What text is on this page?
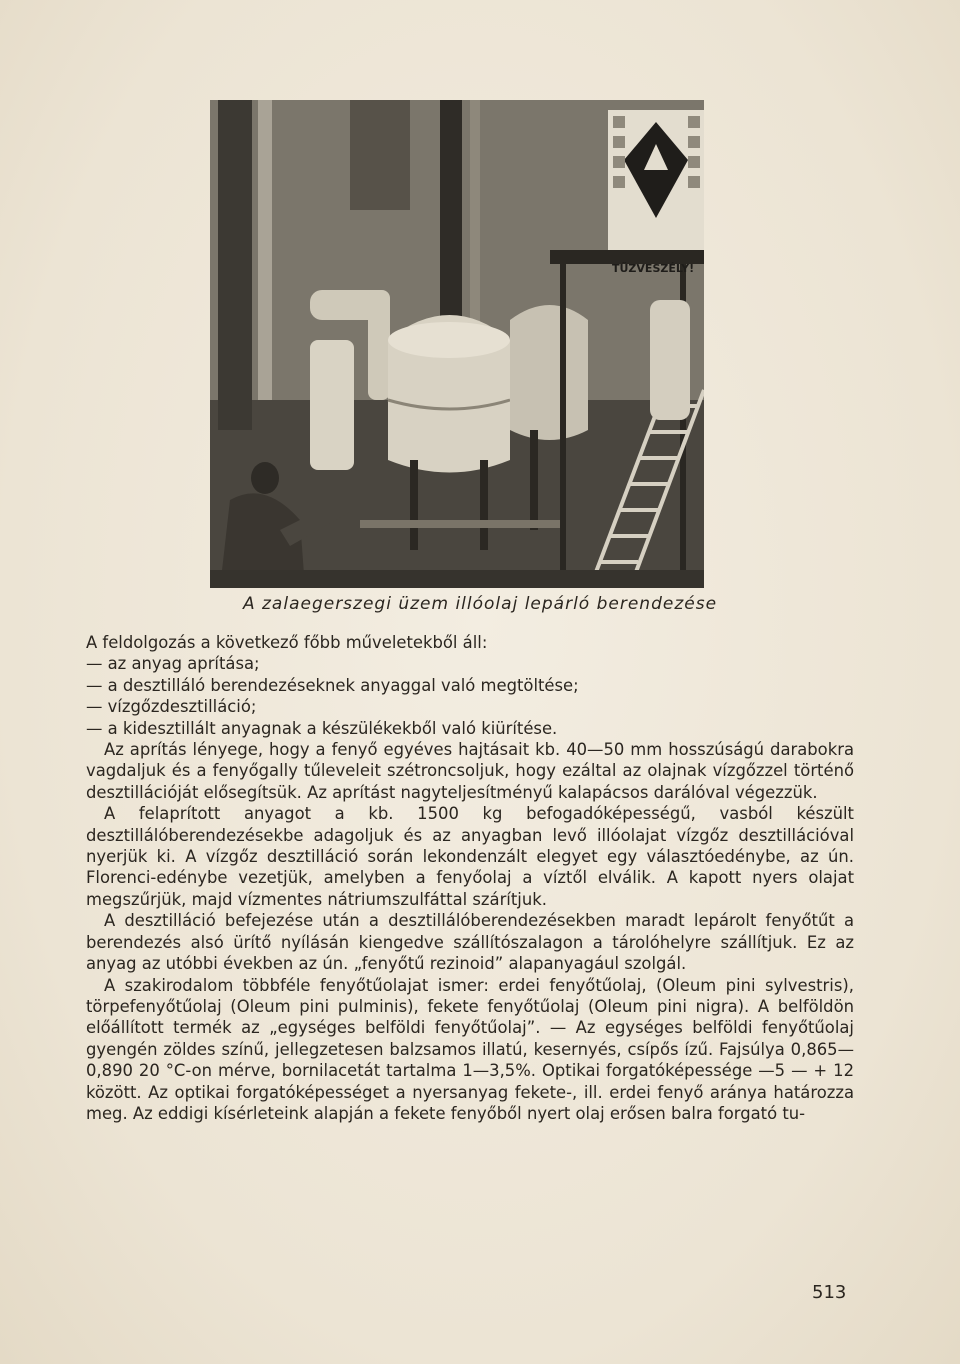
TŰZVESZÉLY!
A zalaegerszegi üzem illóolaj lepárló berendezése

A feldolgozás a következő főbb műveletekből áll:

— az anyag aprítása;

— a desztilláló berendezéseknek anyaggal való megtöltése;

— vízgőzdesztilláció;

— a kidesztillált anyagnak a készülékekből való kiürítése.

Az aprítás lényege, hogy a fenyő egyéves hajtásait kb. 40—50 mm hosszúságú darabokra vagdaljuk és a fenyőgally tűleveleit szétroncsoljuk, hogy ezáltal az olajnak vízgőzzel történő desztillációját elősegítsük. Az aprítást nagyteljesítményű kalapácsos darálóval végezzük.

A felaprított anyagot a kb. 1500 kg befogadóképességű, vasból készült desztillálóberendezésekbe adagoljuk és az anyagban levő illóolajat vízgőz desztillációval nyerjük ki. A vízgőz desztilláció során lekondenzált elegyet egy választóedénybe, az ún. Florenci-edénybe vezetjük, amelyben a fenyőolaj a víztől elválik. A kapott nyers olajat megszűrjük, majd vízmentes nátriumszulfáttal szárítjuk.

A desztilláció befejezése után a desztillálóberendezésekben maradt lepárolt fenyőtűt a berendezés alsó ürítő nyílásán kiengedve szállítószalagon a tárolóhelyre szállítjuk. Ez az anyag az utóbbi években az ún. „fenyőtű rezinoid” alapanyagául szolgál.

A szakirodalom többféle fenyőtűolajat ismer: erdei fenyőtűolaj, (Oleum pini sylvestris), törpefenyőtűolaj (Oleum pini pulminis), fekete fenyőtűolaj (Oleum pini nigra). A belföldön előállított termék az „egységes belföldi fenyőtűolaj”. — Az egységes belföldi fenyőtűolaj gyengén zöldes színű, jellegzetesen balzsamos illatú, kesernyés, csípős ízű. Fajsúlya 0,865—0,890 20 °C-on mérve, bornilacetát tartalma 1—3,5%. Optikai forgatóképessége —5 — + 12 között. Az optikai forgatóképességet a nyersanyag fekete-, ill. erdei fenyő aránya határozza meg. Az eddigi kísérleteink alapján a fekete fenyőből nyert olaj erősen balra forgató tu-

513
